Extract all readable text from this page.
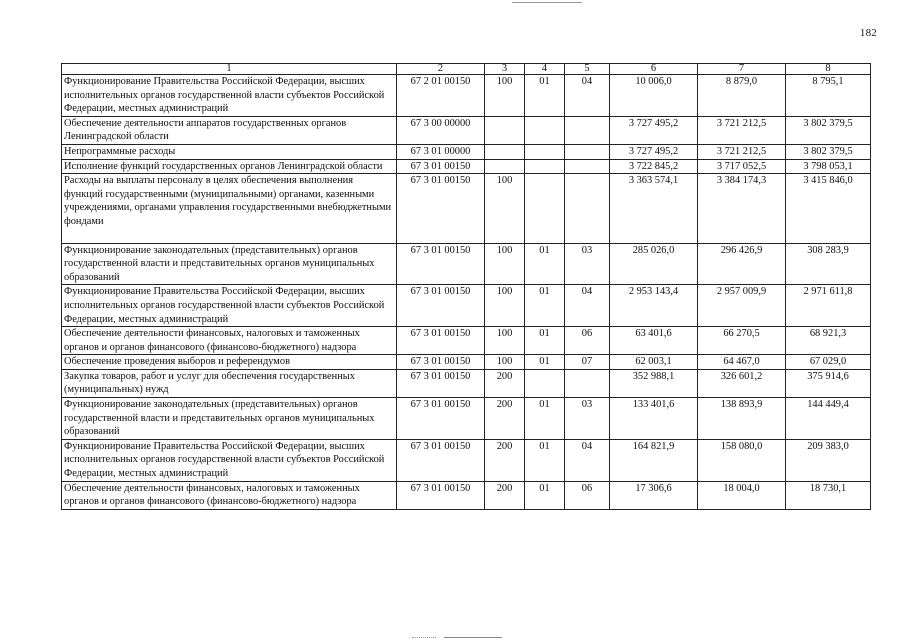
182
1	2	3	4	5	6	7	8
Функционирование Правительства Российской Федерации, высших исполнительных органов государственной власти субъектов Российской Федерации, местных администраций	67 2 01 00150	100	01	04	10 006,0	8 879,0	8 795,1
Обеспечение деятельности аппаратов государственных органов Ленинградской области	67 3 00 00000				3 727 495,2	3 721 212,5	3 802 379,5
Непрограммные расходы	67 3 01 00000				3 727 495,2	3 721 212,5	3 802 379,5
Исполнение функций государственных органов Ленинградской области	67 3 01 00150				3 722 845,2	3 717 052,5	3 798 053,1
Расходы на выплаты персоналу в целях обеспечения выполнения функций государственными (муниципальными) органами, казенными учреждениями, органами управления государственными внебюджетными фондами	67 3 01 00150	100			3 363 574,1	3 384 174,3	3 415 846,0
Функционирование законодательных (представительных) органов государственной власти и представительных органов муниципальных образований	67 3 01 00150	100	01	03	285 026,0	296 426,9	308 283,9
Функционирование Правительства Российской Федерации, высших исполнительных органов государственной власти субъектов Российской Федерации, местных администраций	67 3 01 00150	100	01	04	2 953 143,4	2 957 009,9	2 971 611,8
Обеспечение деятельности финансовых, налоговых и таможенных органов и органов финансового (финансово-бюджетного) надзора	67 3 01 00150	100	01	06	63 401,6	66 270,5	68 921,3
Обеспечение проведения выборов и референдумов	67 3 01 00150	100	01	07	62 003,1	64 467,0	67 029,0
Закупка товаров, работ и услуг для обеспечения государственных (муниципальных) нужд	67 3 01 00150	200			352 988,1	326 601,2	375 914,6
Функционирование законодательных (представительных) органов государственной власти и представительных органов муниципальных образований	67 3 01 00150	200	01	03	133 401,6	138 893,9	144 449,4
Функционирование Правительства Российской Федерации, высших исполнительных органов государственной власти субъектов Российской Федерации, местных администраций	67 3 01 00150	200	01	04	164 821,9	158 080,0	209 383,0
Обеспечение деятельности финансовых, налоговых и таможенных органов и органов финансового (финансово-бюджетного) надзора	67 3 01 00150	200	01	06	17 306,6	18 004,0	18 730,1
